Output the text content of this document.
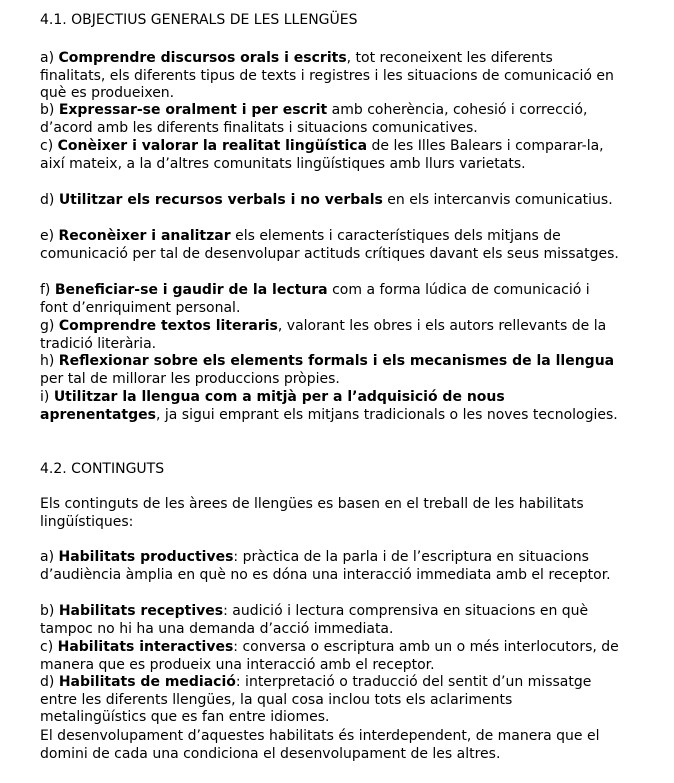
4.1. OBJECTIUS GENERALS DE LES LLENGÜES
a) Comprendre discursos orals i escrits, tot reconeixent les diferents finalitats, els diferents tipus de texts i registres i les situacions de comunicació en què es produeixen.
b) Expressar-se oralment i per escrit amb coherència, cohesió i correcció, d’acord amb les diferents finalitats i situacions comunicatives.
c) Conèixer i valorar la realitat lingüística de les Illes Balears i comparar-la, així mateix, a la d’altres comunitats lingüístiques amb llurs varietats.
d) Utilitzar els recursos verbals i no verbals en els intercanvis comunicatius.
e) Reconèixer i analitzar els elements i característiques dels mitjans de comunicació per tal de desenvolupar actituds crítiques davant els seus missatges.
f) Beneficiar-se i gaudir de la lectura com a forma lúdica de comunicació i font d’enriquiment personal.
g) Comprendre textos literaris, valorant les obres i els autors rellevants de la tradició literària.
h) Reflexionar sobre els elements formals i els mecanismes de la llengua per tal de millorar les produccions pròpies.
i) Utilitzar la llengua com a mitjà per a l’adquisició de nous aprenentatges, ja sigui emprant els mitjans tradicionals o les noves tecnologies.
4.2. CONTINGUTS
Els continguts de les àrees de llengües es basen en el treball de les habilitats lingüístiques:
a) Habilitats productives: pràctica de la parla i de l’escriptura en situacions d’audiència àmplia en què no es dóna una interacció immediata amb el receptor.
b) Habilitats receptives: audició i lectura comprensiva en situacions en què tampoc no hi ha una demanda d’acció immediata.
c) Habilitats interactives: conversa o escriptura amb un o més interlocutors, de manera que es produeix una interacció amb el receptor.
d) Habilitats de mediació: interpretació o traducció del sentit d’un missatge entre les diferents llengües, la qual cosa inclou tots els aclariments metalingüístics que es fan entre idiomes.
El desenvolupament d’aquestes habilitats és interdependent, de manera que el domini de cada una condiciona el desenvolupament de les altres.
